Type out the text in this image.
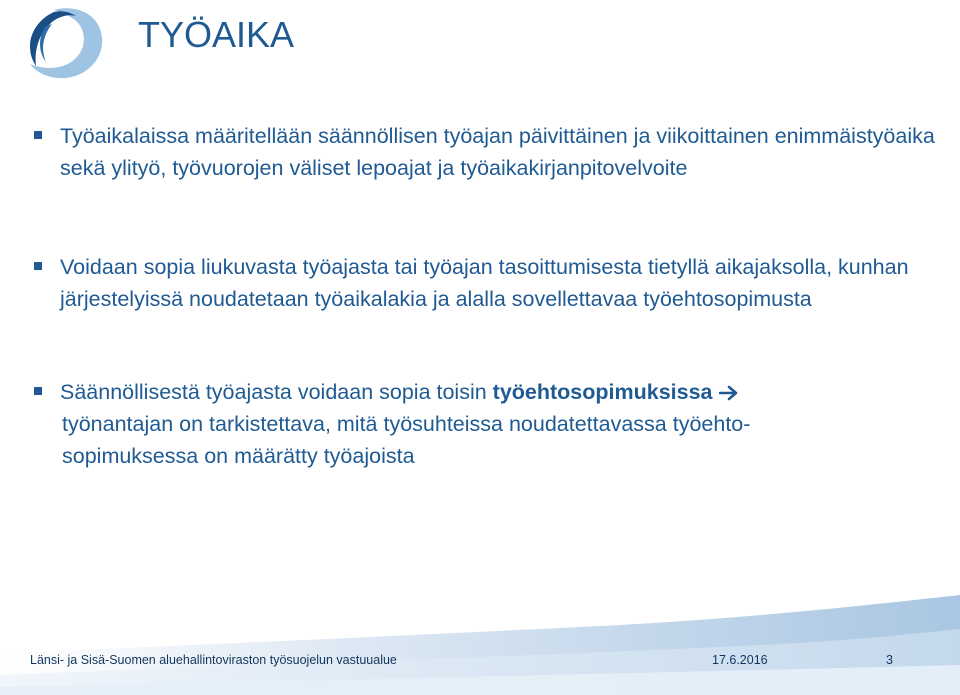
TYÖAIKA
Työaikalaissa määritellään säännöllisen työajan päivittäinen ja viikoittainen enimmäistyöaika sekä ylityö, työvuorojen väliset lepoajat ja työaikakirjanpitovelvoite
Voidaan sopia liukuvasta työajasta tai työajan tasoittumisesta tietyllä aikajaksolla, kunhan järjestelyissä noudatetaan työaikalakia ja alalla sovellettavaa työehtosopimusta
Säännöllisestä työajasta voidaan sopia toisin työehtosopimuksissa
työnantajan on tarkistettava, mitä työsuhteissa noudatettavassa työehto-
sopimuksessa on määrätty työajoista
Länsi- ja Sisä-Suomen aluehallintoviraston työsuojelun vastuualue	17.6.2016	3
